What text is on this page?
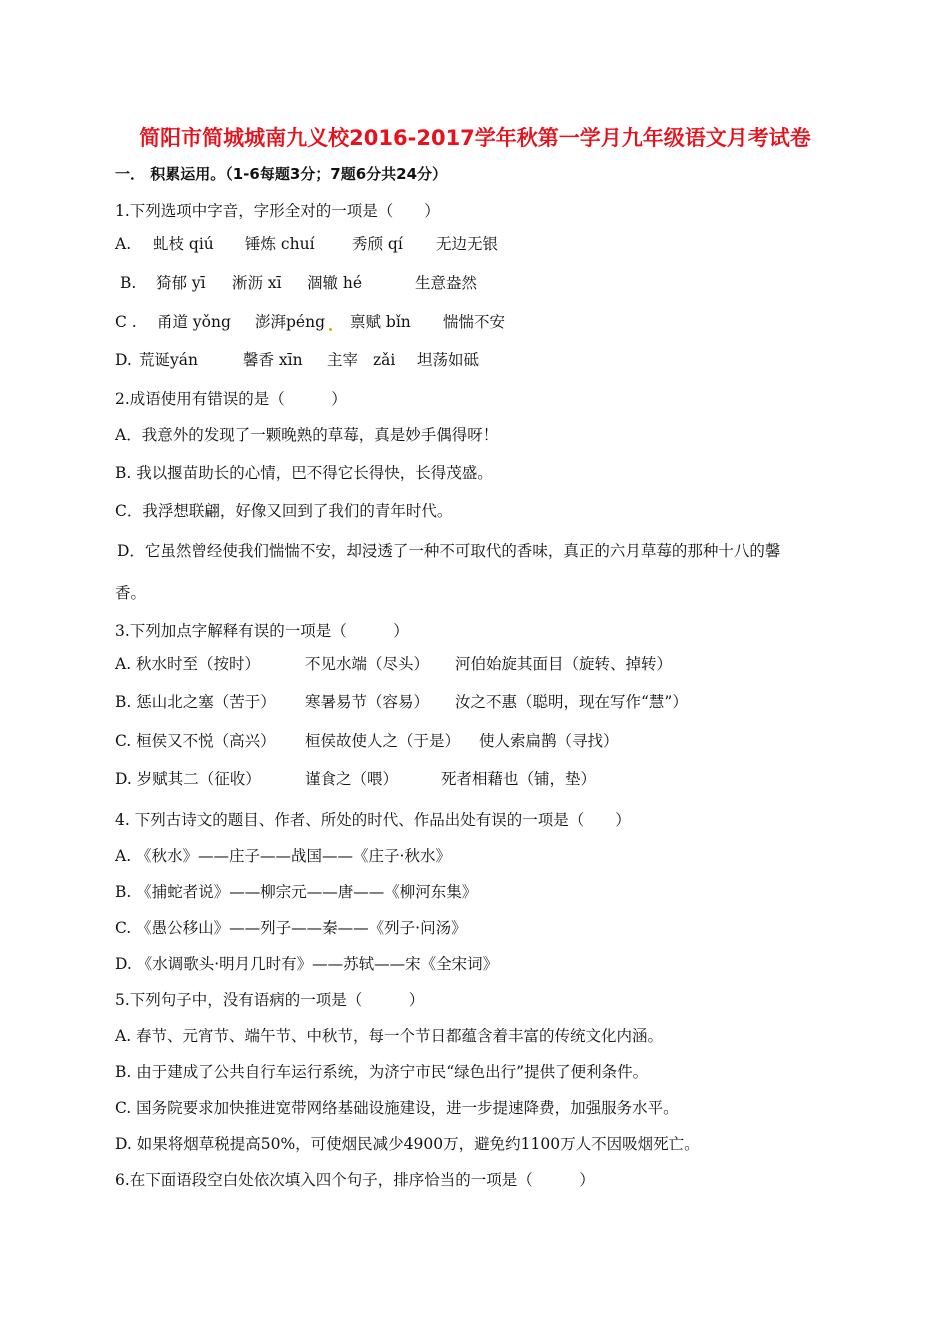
简阳市简城城南九义校2016-2017学年秋第一学月九年级语文月考试卷
一． 积累运用。（1-6每题3分；7题6分共24分）
1.下列选项中字音，字形全对的一项是（　　）
A. 虬枝 qiú 锤炼 chuí 秀颀 qí 无边无银
B. 猗郁 yī 淅沥 xī 涸辙 hé	生意盎然
C . 甬道 yǒng 澎湃péng 禀赋 bǐn 惴惴不安
D. 荒诞yán	馨香 xīn 主宰 zǎi 坦荡如砥
2.成语使用有错误的是（　　　）
A．我意外的发现了一颗晚熟的草莓，真是妙手偶得呀！
B. 我以揠苗助长的心情，巴不得它长得快，长得茂盛。
C．我浮想联翩，好像又回到了我们的青年时代。
D．它虽然曾经使我们惴惴不安，却浸透了一种不可取代的香味，真正的六月草莓的那种十八的馨
香。
3.下列加点字解释有误的一项是（　　　）
A. 秋水时至（按时）	不见水端（尽头） 河伯始旋其面目（旋转、掉转）
B. 惩山北之塞（苦于） 寒暑易节（容易） 汝之不惠（聪明，现在写作“慧”）
C. 桓侯又不悦（高兴） 桓侯故使人之（于是） 使人索扁鹊（寻找）
D. 岁赋其二（征收）	谨食之（喂）	死者相藉也（铺，垫）
4. 下列古诗文的题目、作者、所处的时代、作品出处有误的一项是（　　）
A. 《秋水》——庄子——战国——《庄子·秋水》
B. 《捕蛇者说》——柳宗元——唐——《柳河东集》
C. 《愚公移山》——列子——秦——《列子·问汤》
D. 《水调歌头·明月几时有》——苏轼——宋《全宋词》
5.下列句子中，没有语病的一项是（　　　）
A. 春节、元宵节、端午节、中秋节，每一个节日都蕴含着丰富的传统文化内涵。
B. 由于建成了公共自行车运行系统，为济宁市民“绿色出行”提供了便利条件。
C. 国务院要求加快推进宽带网络基础设施建设，进一步提速降费，加强服务水平。
D. 如果将烟草税提高50%，可使烟民减少4900万，避免约1100万人不因吸烟死亡。
6.在下面语段空白处依次填入四个句子，排序恰当的一项是（　　　）
